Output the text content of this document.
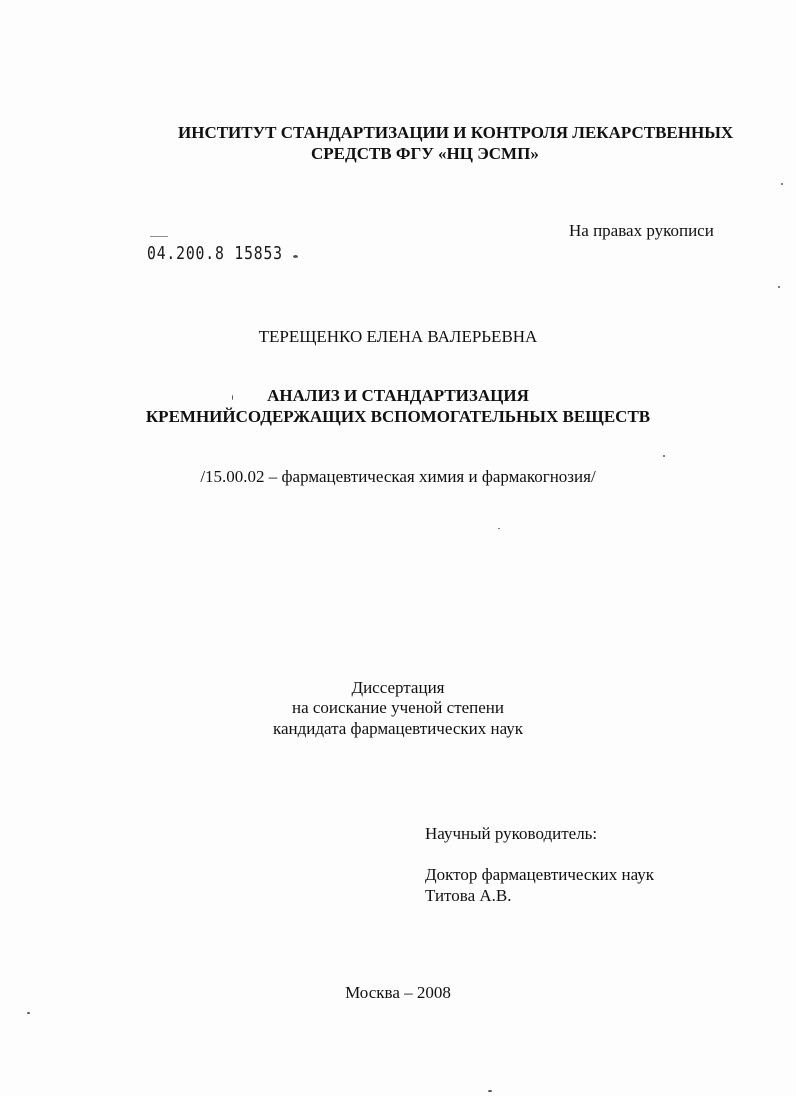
ИНСТИТУТ СТАНДАРТИЗАЦИИ И КОНТРОЛЯ ЛЕКАРСТВЕННЫХ
СРЕДСТВ ФГУ «НЦ ЭСМП»
На правах рукописи
04.200.8 15853
ТЕРЕЩЕНКО ЕЛЕНА ВАЛЕРЬЕВНА
АНАЛИЗ И СТАНДАРТИЗАЦИЯ
КРЕМНИЙСОДЕРЖАЩИХ ВСПОМОГАТЕЛЬНЫХ ВЕЩЕСТВ
/15.00.02 – фармацевтическая химия и фармакогнозия/
Диссертация
на соискание ученой степени
кандидата фармацевтических наук
Научный руководитель:
Доктор фармацевтических наук
Титова А.В.
Москва – 2008
